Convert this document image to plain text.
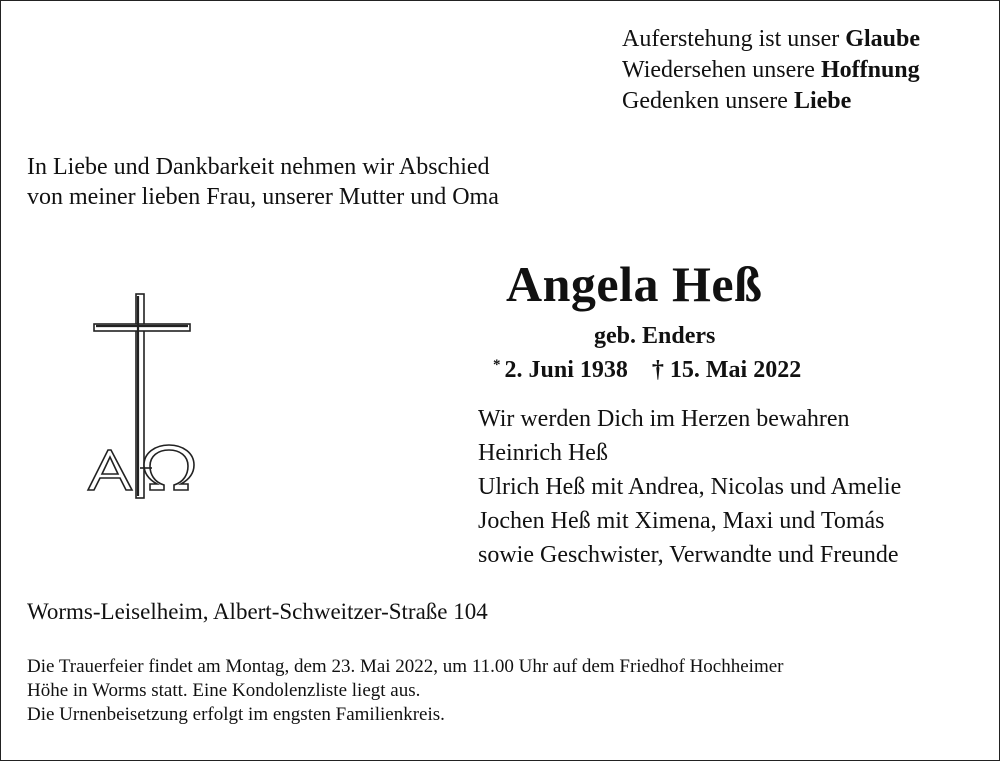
Auferstehung ist unser Glaube
Wiedersehen unsere Hoffnung
Gedenken unsere Liebe
In Liebe und Dankbarkeit nehmen wir Abschied
von meiner lieben Frau, unserer Mutter und Oma
Angela Heß
geb. Enders
* 2. Juni 1938 † 15. Mai 2022
Wir werden Dich im Herzen bewahren
Heinrich Heß
Ulrich Heß mit Andrea, Nicolas und Amelie
Jochen Heß mit Ximena, Maxi und Tomás
sowie Geschwister, Verwandte und Freunde
Worms-Leiselheim, Albert-Schweitzer-Straße 104
Die Trauerfeier findet am Montag, dem 23. Mai 2022, um 11.00 Uhr auf dem Friedhof Hochheimer
Höhe in Worms statt. Eine Kondolenzliste liegt aus.
Die Urnenbeisetzung erfolgt im engsten Familienkreis.
